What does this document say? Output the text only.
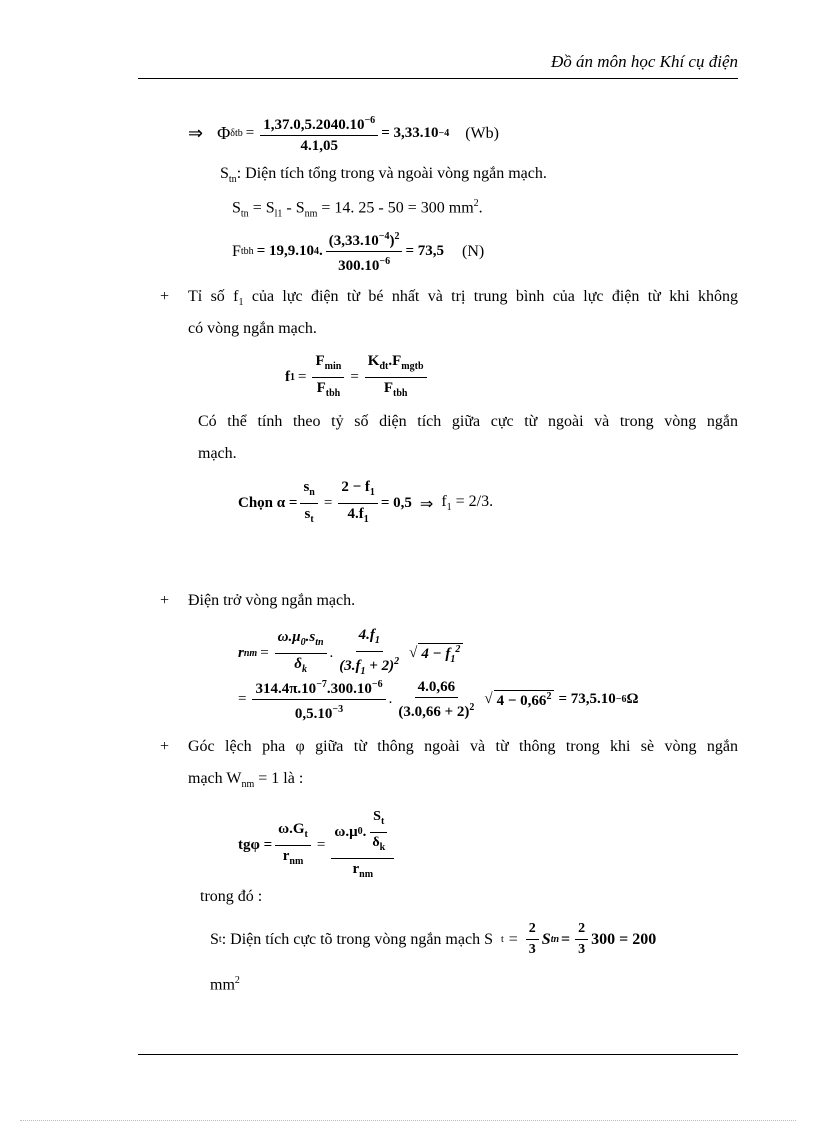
Đồ án môn học Khí cụ điện
⇒ Φ $\delta tb = \frac{1,37.0,5.2040.10^{-6}}{4.1,05} = 3,33.10 -4$ (Wb)
$S_{tn}$: Diện tích tổng trong và ngoài vòng ngắn mạch.
$S_{tn} = S_{l1} - S_{nm} = 14$. 25 - 50 = 300 $mm^2$.
F tbh = 19,9.10 4 . $\frac{(3,33.10^{-4})^2}{300.10^{-6}} = 73,5$ (N)
+ Tỉ số $f_1$ của lực điện từ bé nhất và trị trung bình của lực điện từ khi không
có vòng ngắn mạch.
f $1 = \frac{F_{min}}{F_{tbh}} = \frac{K_{đt}.F_{mgtb}}{F_{tbh}}$
Có thể tính theo tỷ số diện tích giữa cực từ ngoài và trong vòng ngắn
mạch.
Chọn $\alpha = \frac{s_n}{s_t} = \frac{2 - f_1}{4.f_1} = 0,5$ ⇒ $f_1 = 2/3$.
+ Điện trở vòng ngắn mạch.
r nm = $\frac{\omega.\mu_0.s_{tn}}{\delta_k}$ . $\frac{4.f_1}{(3.f_1 + 2)^2}$ √ $4 - f_1^2$
= $\frac{314.4\pi.10^{-7}.300.10^{-6}}{0,5.10^{-3}}$ . $\frac{4.0,66}{(3.0,66 + 2)^2}$ √ $4 - 0,66^2 = 73,5.10 -6$ Ω
+ Góc lệch pha φ giữa từ thông ngoài và từ thông trong khi sè vòng ngắn
mạch $W_{nm} = 1$ là :
$tg\varphi = \frac{\omega.G_t}{r_{nm}} = \frac{\omega.\mu 0 . \frac{S_t}{\delta_k}}{r_{nm}}$
trong đó :
S t : Diện tích cực tõ trong vòng ngắn mạch S $t = \frac{2}{3}$ S tn = $\frac{2}{3} 300 = 200$
$mm^2$
